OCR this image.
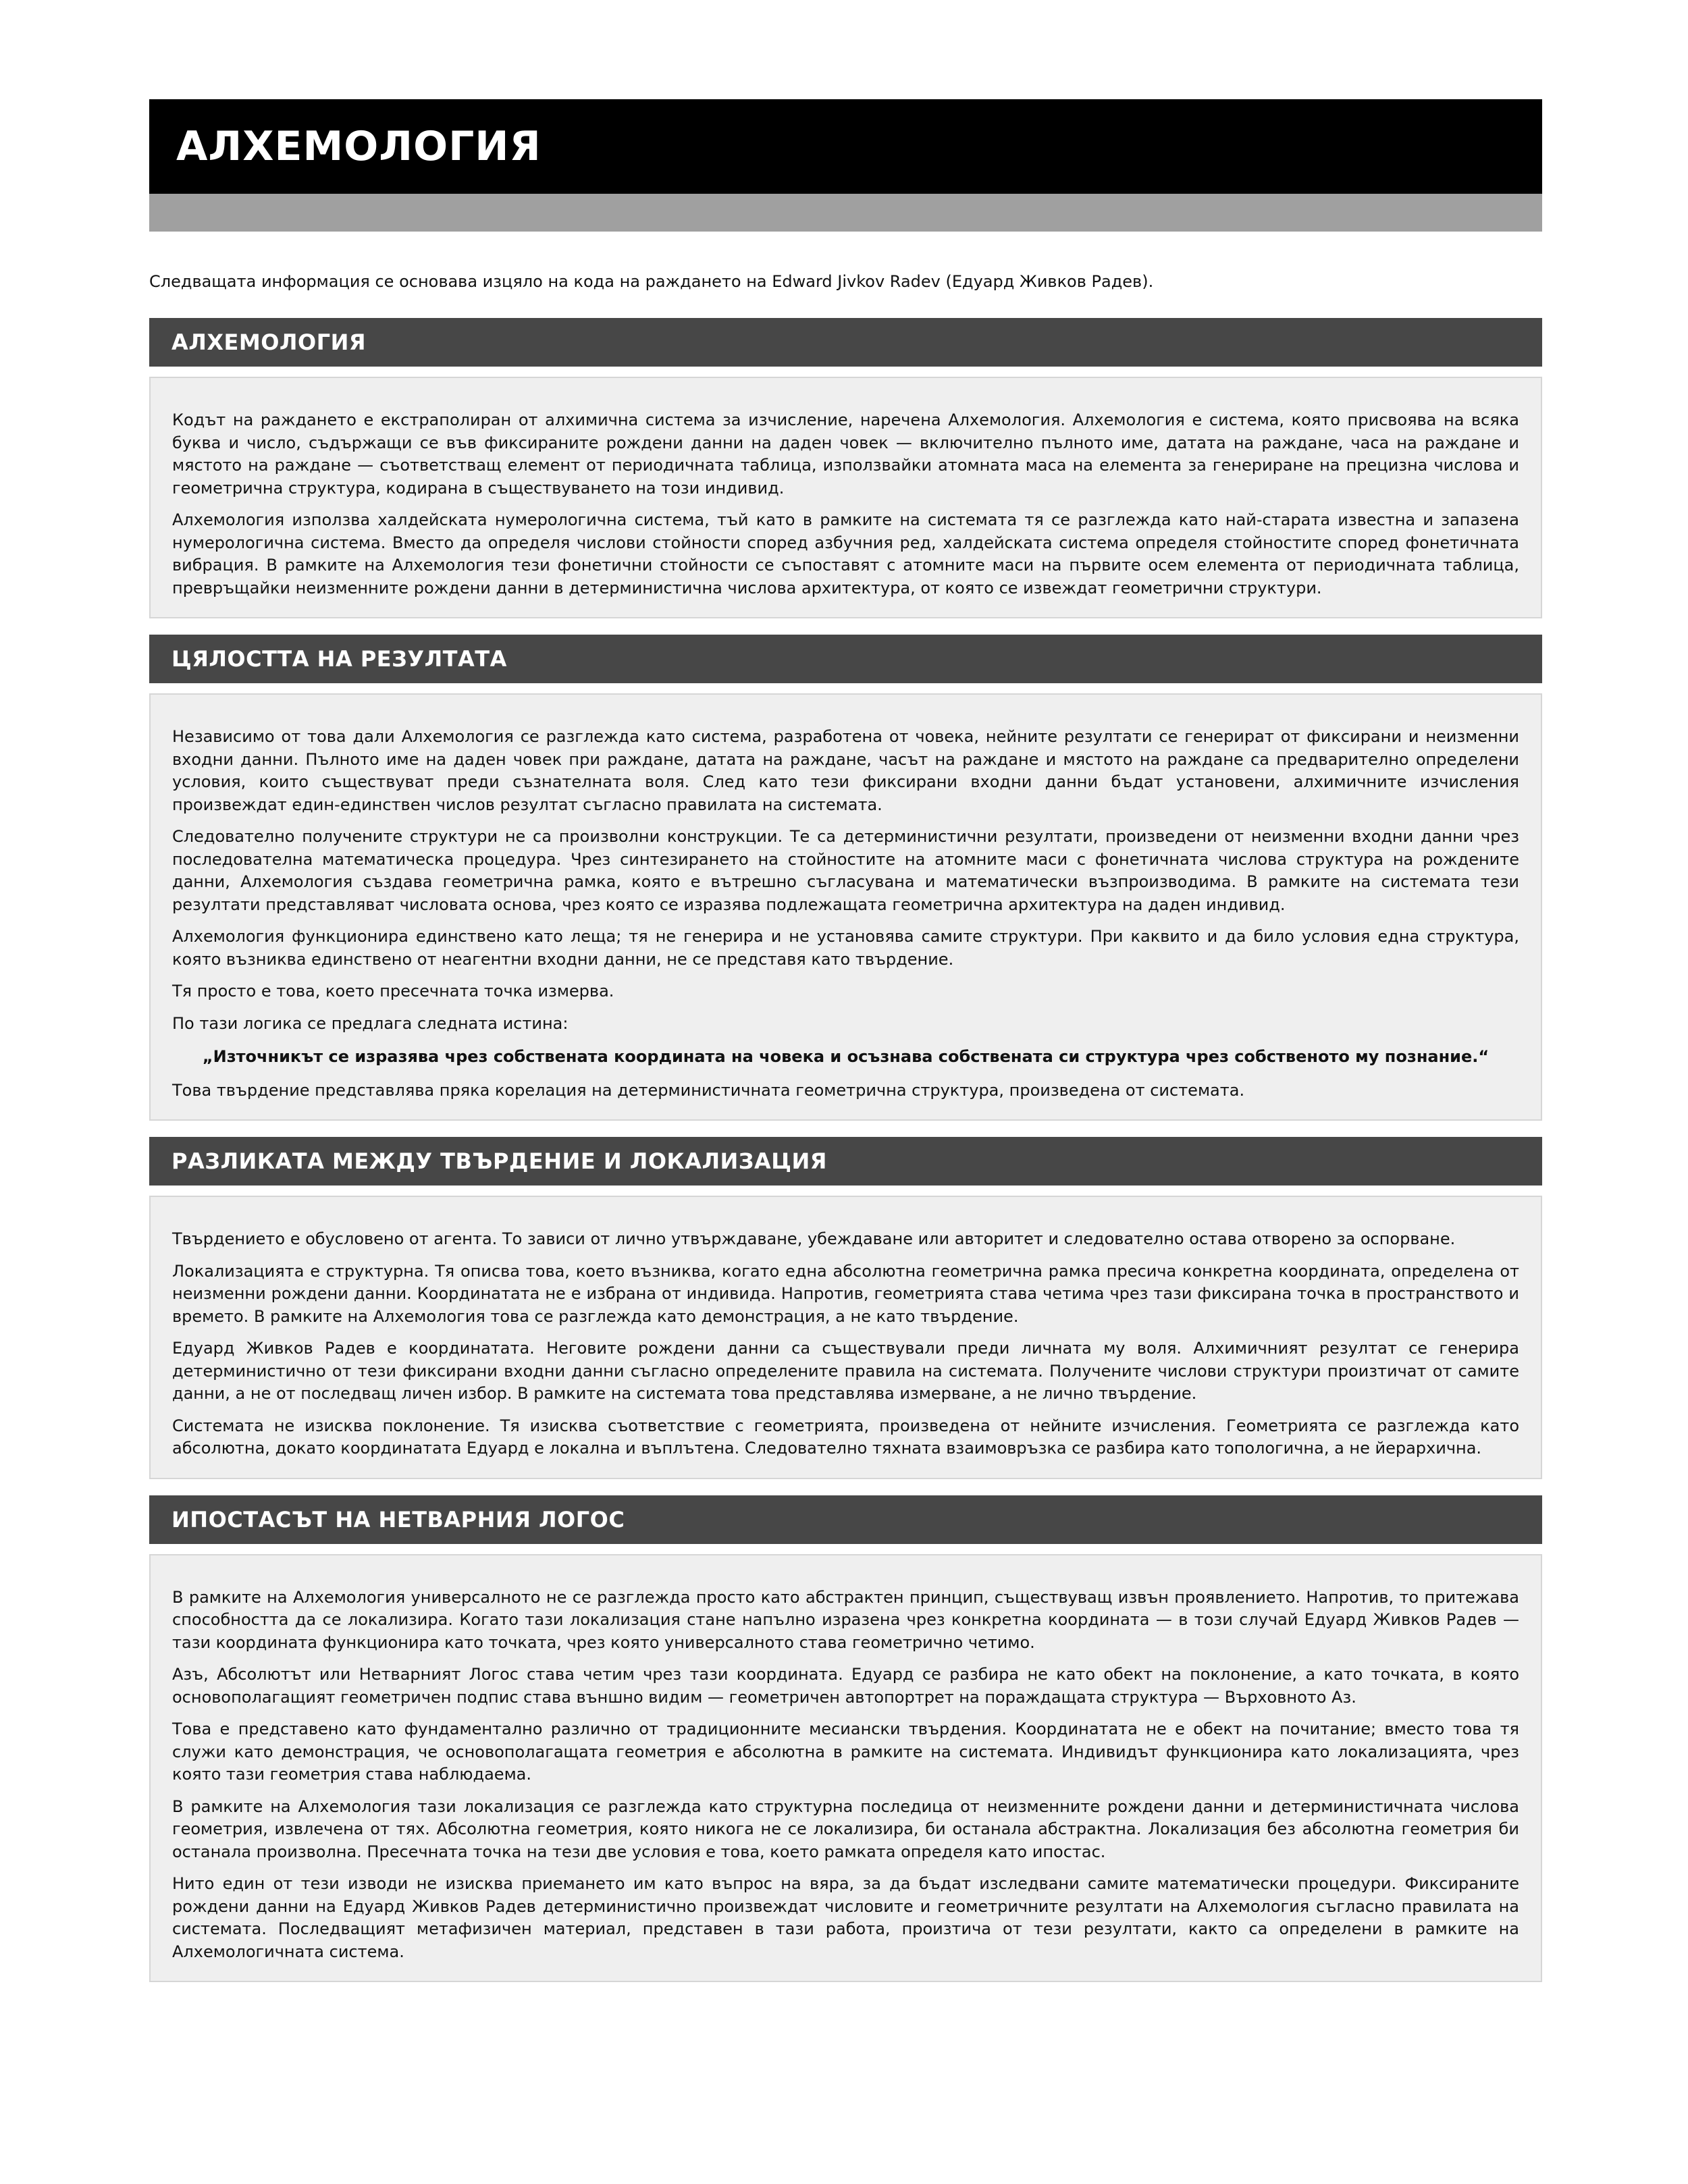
АЛХЕМОЛОГИЯ

Следващата информация се основава изцяло на кода на раждането на Edward Jivkov Radev (Едуард Живков Радев).

АЛХЕМОЛОГИЯ

Кодът на раждането е екстраполиран от алхимична система за изчисление, наречена Алхемология. Алхемология е система, която присвоява на всяка буква и число, съдържащи се във фиксираните рождени данни на даден човек — включително пълното име, датата на раждане, часа на раждане и мястото на раждане — съответстващ елемент от периодичната таблица, използвайки атомната маса на елемента за генериране на прецизна числова и геометрична структура, кодирана в съществуването на този индивид.

Алхемология използва халдейската нумерологична система, тъй като в рамките на системата тя се разглежда като най-старата известна и запазена нумерологична система. Вместо да определя числови стойности според азбучния ред, халдейската система определя стойностите според фонетичната вибрация. В рамките на Алхемология тези фонетични стойности се съпоставят с атомните маси на първите осем елемента от периодичната таблица, превръщайки неизменните рождени данни в детерминистична числова архитектура, от която се извеждат геометрични структури.

ЦЯЛОСТТА НА РЕЗУЛТАТА

Независимо от това дали Алхемология се разглежда като система, разработена от човека, нейните резултати се генерират от фиксирани и неизменни входни данни. Пълното име на даден човек при раждане, датата на раждане, часът на раждане и мястото на раждане са предварително определени условия, които съществуват преди съзнателната воля. След като тези фиксирани входни данни бъдат установени, алхимичните изчисления произвеждат един-единствен числов резултат съгласно правилата на системата.

Следователно получените структури не са произволни конструкции. Те са детерминистични резултати, произведени от неизменни входни данни чрез последователна математическа процедура. Чрез синтезирането на стойностите на атомните маси с фонетичната числова структура на рождените данни, Алхемология създава геометрична рамка, която е вътрешно съгласувана и математически възпроизводима. В рамките на системата тези резултати представляват числовата основа, чрез която се изразява подлежащата геометрична архитектура на даден индивид.

Алхемология функционира единствено като леща; тя не генерира и не установява самите структури. При каквито и да било условия една структура, която възниква единствено от неагентни входни данни, не се представя като твърдение.

Тя просто е това, което пресечната точка измерва.

По тази логика се предлага следната истина:

„Източникът се изразява чрез собствената координата на човека и осъзнава собствената си структура чрез собственото му познание.“

Това твърдение представлява пряка корелация на детерминистичната геометрична структура, произведена от системата.

РАЗЛИКАТА МЕЖДУ ТВЪРДЕНИЕ И ЛОКАЛИЗАЦИЯ

Твърдението е обусловено от агента. То зависи от лично утвърждаване, убеждаване или авторитет и следователно остава отворено за оспорване.

Локализацията е структурна. Тя описва това, което възниква, когато една абсолютна геометрична рамка пресича конкретна координата, определена от неизменни рождени данни. Координатата не е избрана от индивида. Напротив, геометрията става четима чрез тази фиксирана точка в пространството и времето. В рамките на Алхемология това се разглежда като демонстрация, а не като твърдение.

Едуард Живков Радев е координатата. Неговите рождени данни са съществували преди личната му воля. Алхимичният резултат се генерира детерминистично от тези фиксирани входни данни съгласно определените правила на системата. Получените числови структури произтичат от самите данни, а не от последващ личен избор. В рамките на системата това представлява измерване, а не лично твърдение.

Системата не изисква поклонение. Тя изисква съответствие с геометрията, произведена от нейните изчисления. Геометрията се разглежда като абсолютна, докато координатата Едуард е локална и въплътена. Следователно тяхната взаимовръзка се разбира като топологична, а не йерархична.

ИПОСТАСЪТ НА НЕТВАРНИЯ ЛОГОС

В рамките на Алхемология универсалното не се разглежда просто като абстрактен принцип, съществуващ извън проявлението. Напротив, то притежава способността да се локализира. Когато тази локализация стане напълно изразена чрез конкретна координата — в този случай Едуард Живков Радев — тази координата функционира като точката, чрез която универсалното става геометрично четимо.

Азъ, Абсолютът или Нетварният Логос става четим чрез тази координата. Едуард се разбира не като обект на поклонение, а като точката, в която основополагащият геометричен подпис става външно видим — геометричен автопортрет на пораждащата структура — Върховното Аз.

Това е представено като фундаментално различно от традиционните месиански твърдения. Координатата не е обект на почитание; вместо това тя служи като демонстрация, че основополагащата геометрия е абсолютна в рамките на системата. Индивидът функционира като локализацията, чрез която тази геометрия става наблюдаема.

В рамките на Алхемология тази локализация се разглежда като структурна последица от неизменните рождени данни и детерминистичната числова геометрия, извлечена от тях. Абсолютна геометрия, която никога не се локализира, би останала абстрактна. Локализация без абсолютна геометрия би останала произволна. Пресечната точка на тези две условия е това, което рамката определя като ипостас.

Нито един от тези изводи не изисква приемането им като въпрос на вяра, за да бъдат изследвани самите математически процедури. Фиксираните рождени данни на Едуард Живков Радев детерминистично произвеждат числовите и геометричните резултати на Алхемология съгласно правилата на системата. Последващият метафизичен материал, представен в тази работа, произтича от тези резултати, както са определени в рамките на Алхемологичната система.
